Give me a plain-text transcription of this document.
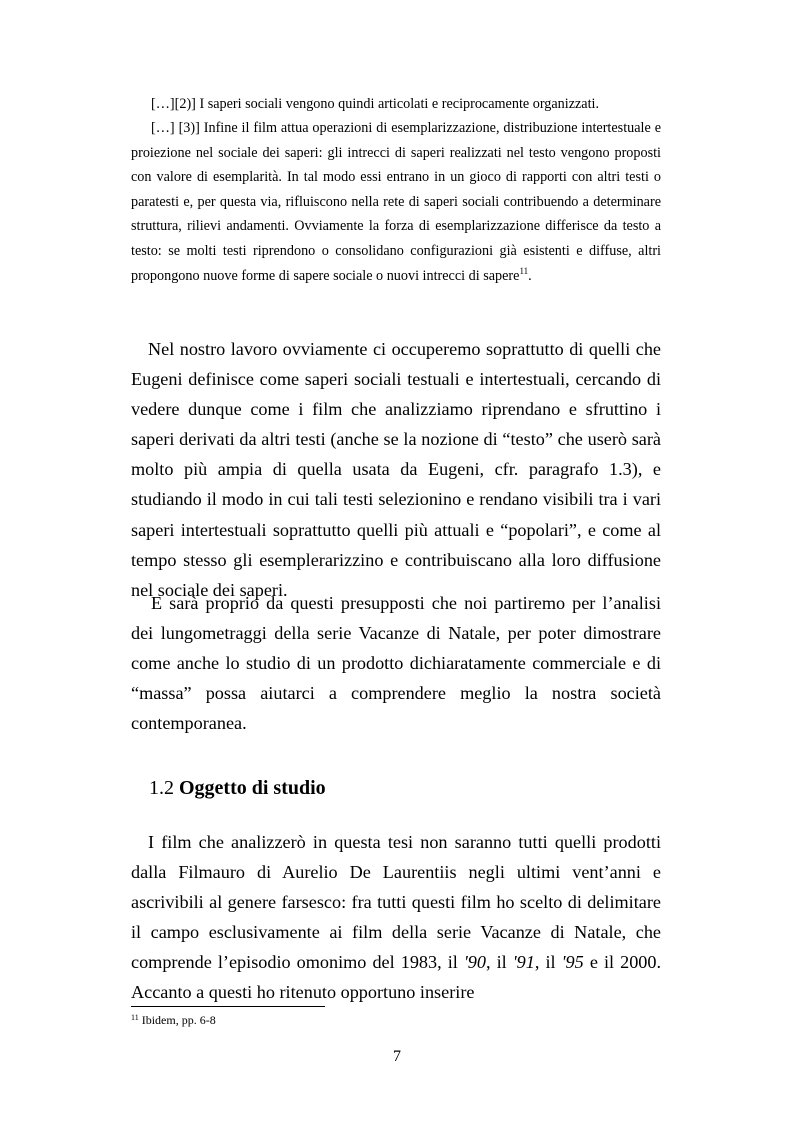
[…][2)] I saperi sociali vengono quindi articolati e reciprocamente organizzati.

[…] [3)] Infine il film attua operazioni di esemplarizzazione, distribuzione intertestuale e proiezione nel sociale dei saperi: gli intrecci di saperi realizzati nel testo vengono proposti con valore di esemplarità. In tal modo essi entrano in un gioco di rapporti con altri testi o paratesti e, per questa via, rifluiscono nella rete di saperi sociali contribuendo a determinare struttura, rilievi andamenti. Ovviamente la forza di esemplarizzazione differisce da testo a testo: se molti testi riprendono o consolidano configurazioni già esistenti e diffuse, altri propongono nuove forme di sapere sociale o nuovi intrecci di sapere$^{11}$.

Nel nostro lavoro ovviamente ci occuperemo soprattutto di quelli che Eugeni definisce come saperi sociali testuali e intertestuali, cercando di vedere dunque come i film che analizziamo riprendano e sfruttino i saperi derivati da altri testi (anche se la nozione di “testo” che userò sarà molto più ampia di quella usata da Eugeni, cfr. paragrafo 1.3), e studiando il modo in cui tali testi selezionino e rendano visibili tra i vari saperi intertestuali soprattutto quelli più attuali e “popolari”, e come al tempo stesso gli esemplerarizzino e contribuiscano alla loro diffusione nel sociale dei saperi.

E sarà proprio da questi presupposti che noi partiremo per l’analisi dei lungometraggi della serie Vacanze di Natale, per poter dimostrare come anche lo studio di un prodotto dichiaratamente commerciale e di “massa” possa aiutarci a comprendere meglio la nostra società contemporanea.

I film che analizzerò in questa tesi non saranno tutti quelli prodotti dalla Filmauro di Aurelio De Laurentiis negli ultimi vent’anni e ascrivibili al genere farsesco: fra tutti questi film ho scelto di delimitare il campo esclusivamente ai film della serie Vacanze di Natale, che comprende l’episodio omonimo del 1983, il '90, il '91, il '95 e il 2000. Accanto a questi ho ritenuto opportuno inserire

1.2 Oggetto di studio

$^{11}$ Ibidem, pp. 6-8

7
